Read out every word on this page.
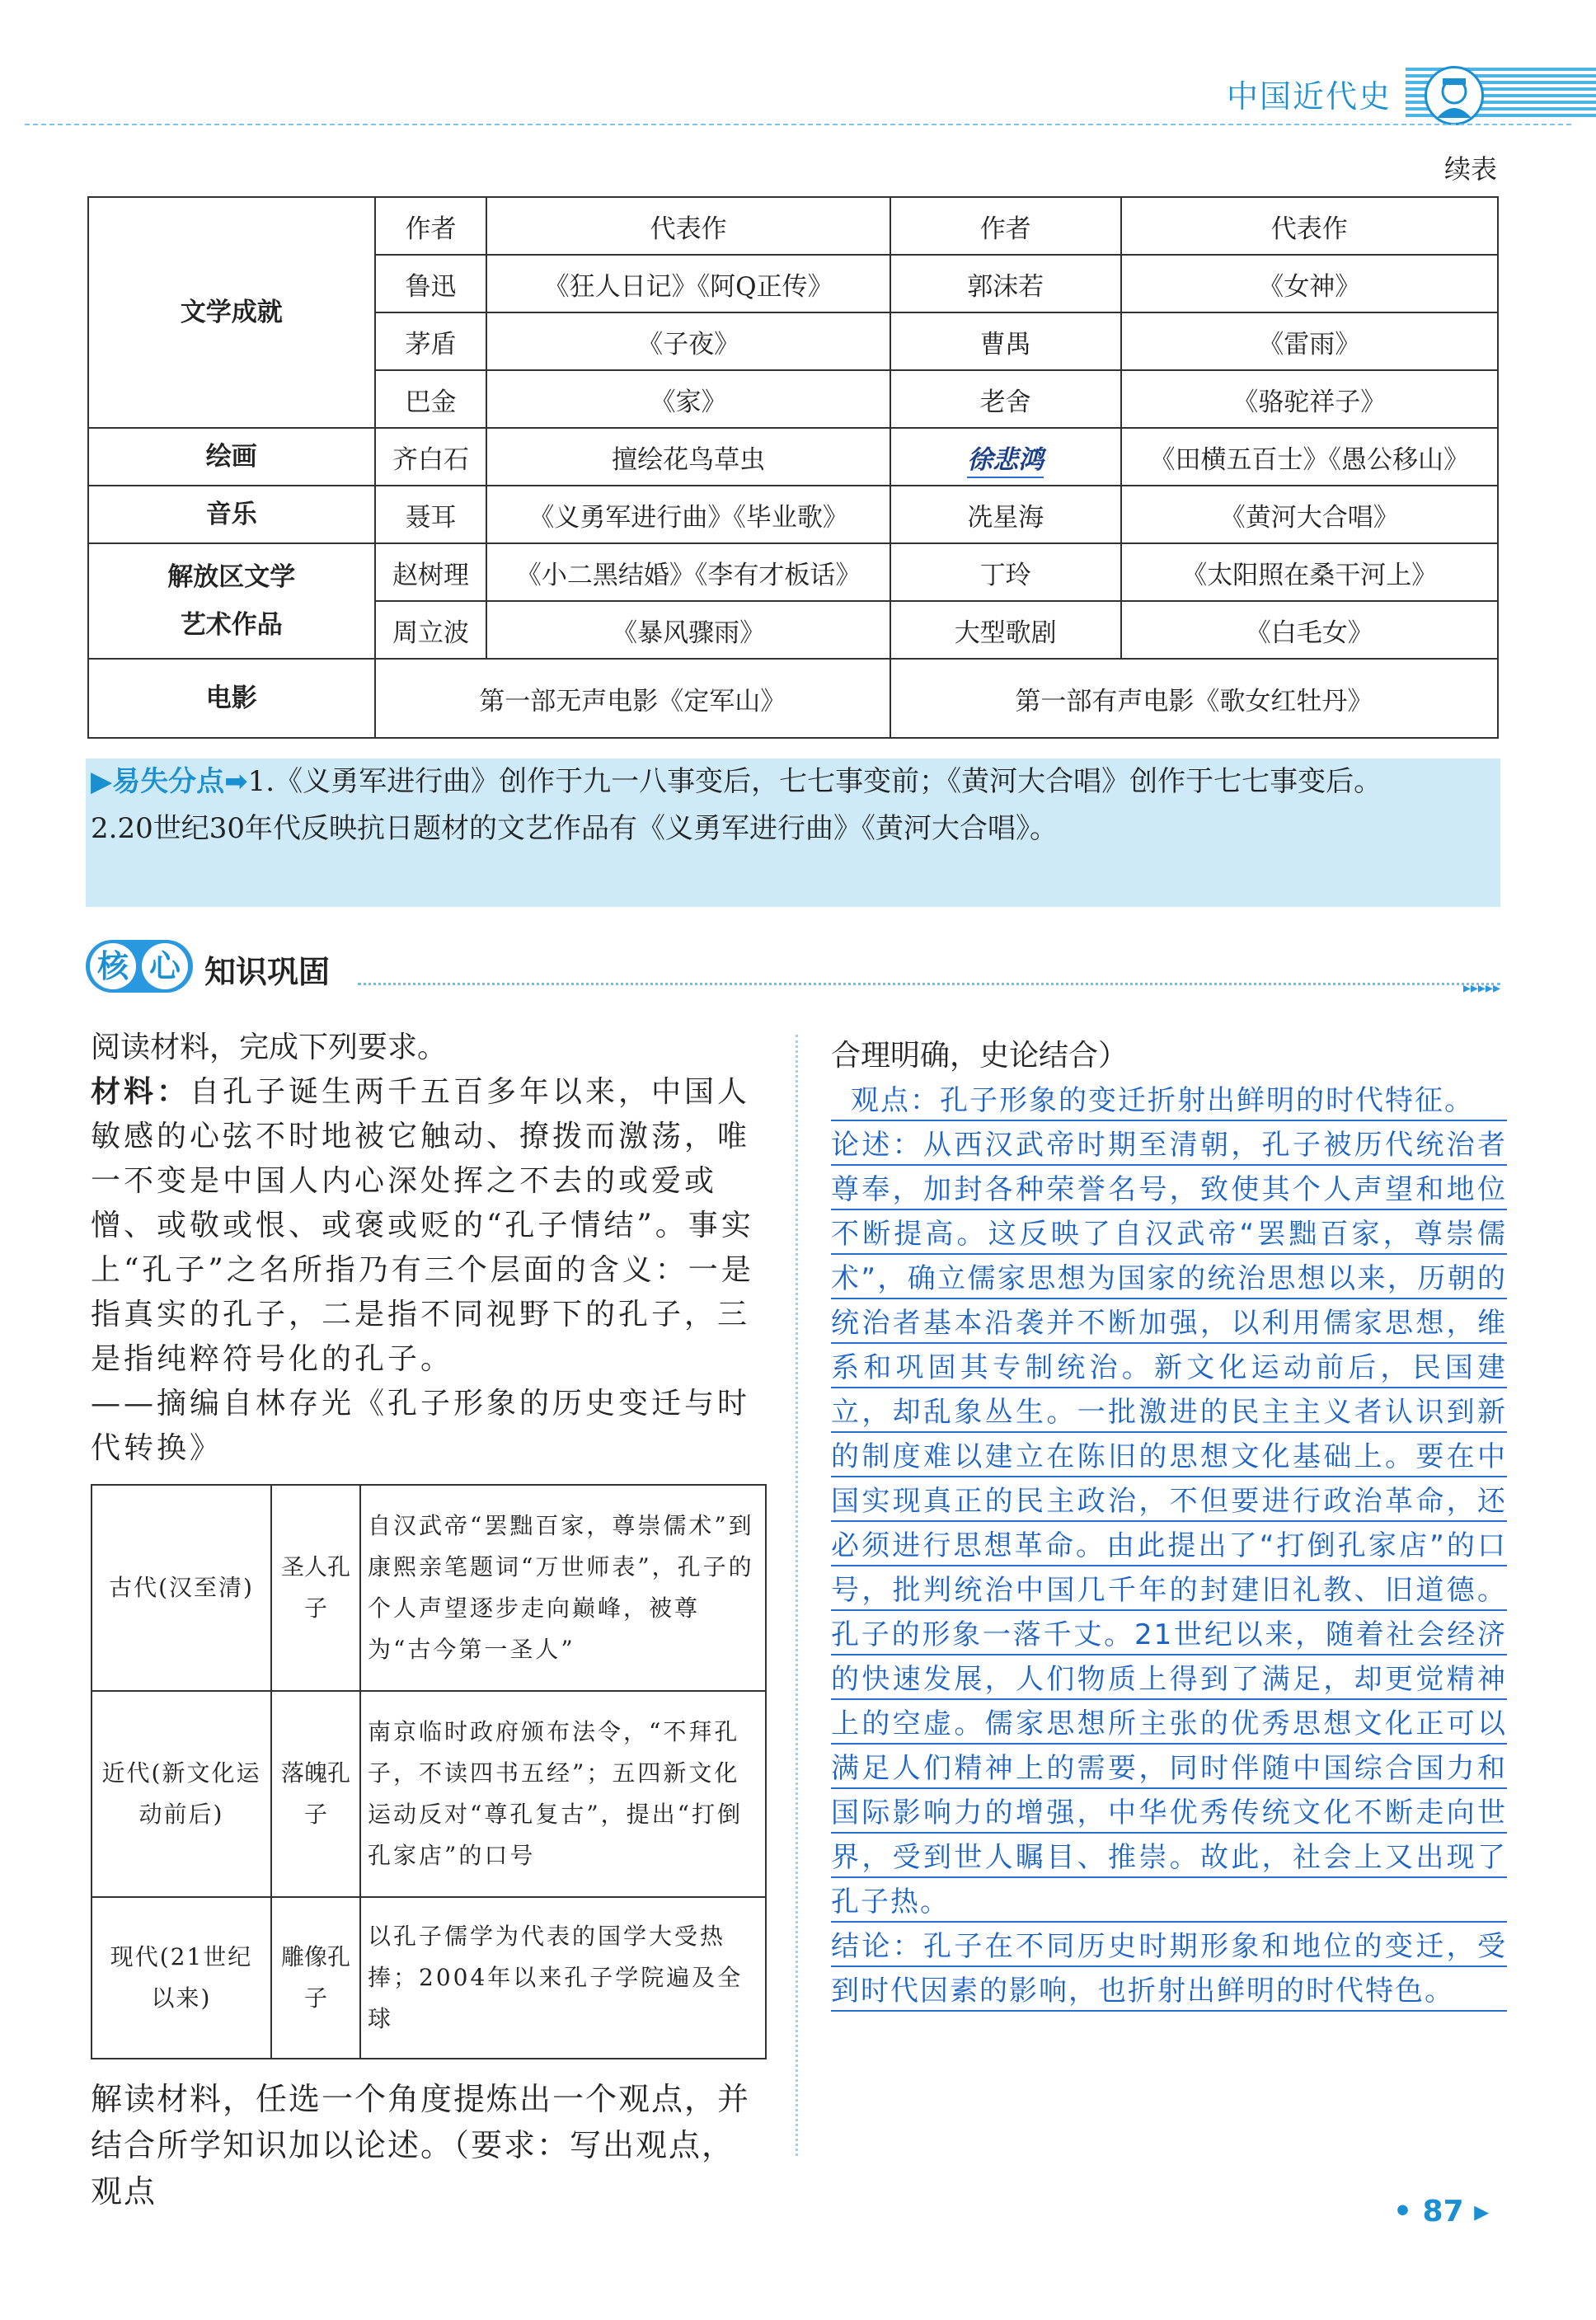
中国近代史
续表
文学成就	作者	代表作	作者	代表作
	鲁迅	《狂人日记》《阿Q正传》	郭沫若	《女神》
	茅盾	《子夜》	曹禺	《雷雨》
	巴金	《家》	老舍	《骆驼祥子》
绘画	齐白石	擅绘花鸟草虫	徐悲鸿	《田横五百士》《愚公移山》
音乐	聂耳	《义勇军进行曲》《毕业歌》	冼星海	《黄河大合唱》

解放区文学
艺术作品	赵树理	《小二黑结婚》《李有才板话》	丁玲	《太阳照在桑干河上》
	周立波	《暴风骤雨》	大型歌剧	《白毛女》
电影	第一部无声电影《定军山》		第一部有声电影《歌女红牡丹》	

▶易失分点➡1.《义勇军进行曲》创作于九一八事变后，七七事变前；《黄河大合唱》创作于七七事变后。

2.20世纪30年代反映抗日题材的文艺作品有《义勇军进行曲》《黄河大合唱》。

核 心 知识巩固	▸▸▸▸▸

阅读材料，完成下列要求。

材料：自孔子诞生两千五百多年以来，中国人敏感的心弦不时地被它触动、撩拨而激荡，唯一不变是中国人内心深处挥之不去的或爱或憎、或敬或恨、或褒或贬的“孔子情结”。事实上“孔子”之名所指乃有三个层面的含义：一是指真实的孔子，二是指不同视野下的孔子，三是指纯粹符号化的孔子。

——摘编自林存光《孔子形象的历史变迁与时代转换》

古代(汉至清)	圣人孔子	自汉武帝“罢黜百家，尊崇儒术”到康熙亲笔题词“万世师表”，孔子的个人声望逐步走向巅峰，被尊为“古今第一圣人”
近代(新文化运动前后)	落魄孔子	南京临时政府颁布法令，“不拜孔子，不读四书五经”；五四新文化运动反对“尊孔复古”，提出“打倒孔家店”的口号
现代(21世纪以来)	雕像孔子	以孔子儒学为代表的国学大受热捧；2004年以来孔子学院遍及全球

解读材料，任选一个角度提炼出一个观点，并结合所学知识加以论述。（要求：写出观点，观点

合理明确，史论结合）

观点：孔子形象的变迁折射出鲜明的时代特征。

论述：从西汉武帝时期至清朝，孔子被历代统治者尊奉，加封各种荣誉名号，致使其个人声望和地位不断提高。这反映了自汉武帝“罢黜百家，尊崇儒术”，确立儒家思想为国家的统治思想以来，历朝的统治者基本沿袭并不断加强，以利用儒家思想，维系和巩固其专制统治。新文化运动前后，民国建立，却乱象丛生。一批激进的民主主义者认识到新的制度难以建立在陈旧的思想文化基础上。要在中国实现真正的民主政治，不但要进行政治革命，还必须进行思想革命。由此提出了“打倒孔家店”的口号，批判统治中国几千年的封建旧礼教、旧道德。孔子的形象一落千丈。21世纪以来，随着社会经济的快速发展，人们物质上得到了满足，却更觉精神上的空虚。儒家思想所主张的优秀思想文化正可以满足人们精神上的需要，同时伴随中国综合国力和国际影响力的增强，中华优秀传统文化不断走向世界，受到世人瞩目、推崇。故此，社会上又出现了孔子热。

结论：孔子在不同历史时期形象和地位的变迁，受到时代因素的影响，也折射出鲜明的时代特色。

• 87 ▸
